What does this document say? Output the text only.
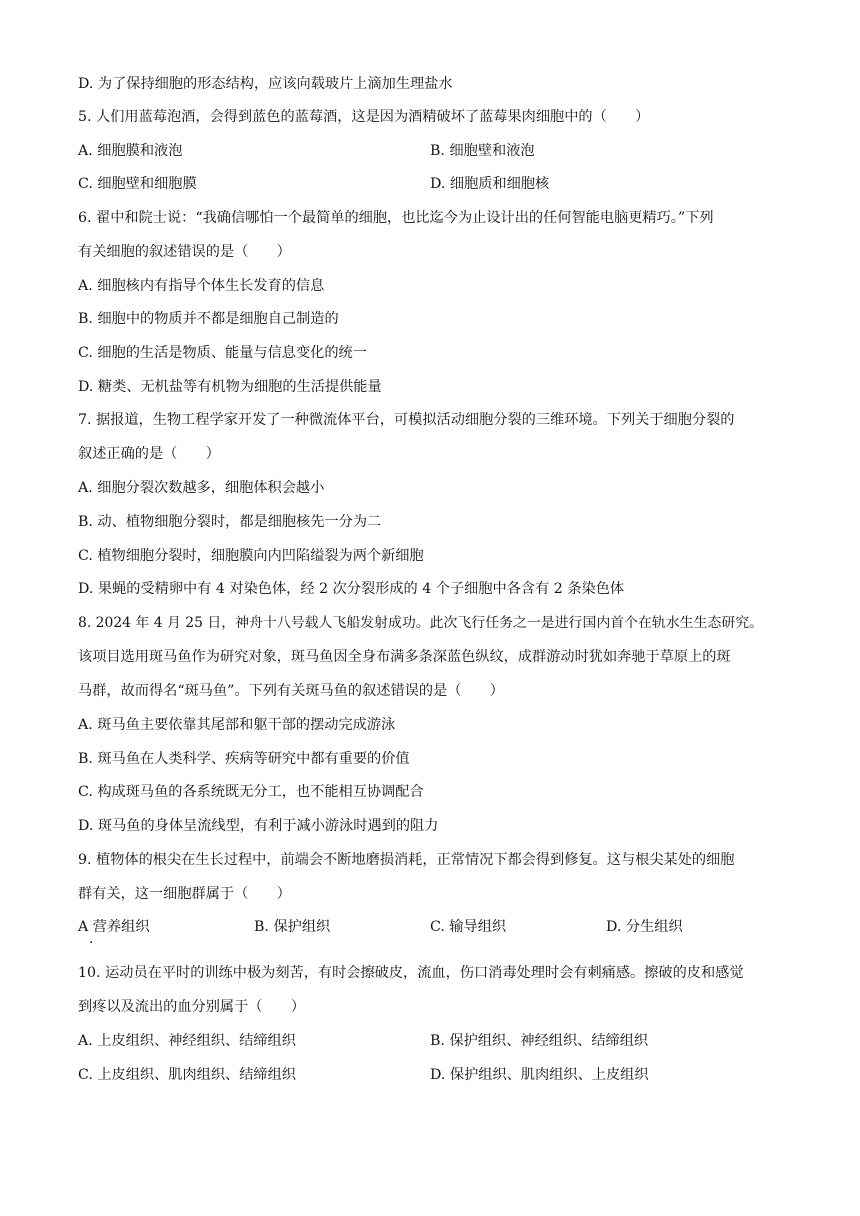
D. 为了保持细胞的形态结构，应该向载玻片上滴加生理盐水
5. 人们用蓝莓泡酒，会得到蓝色的蓝莓酒，这是因为酒精破坏了蓝莓果肉细胞中的（　　）
A. 细胞膜和液泡	B. 细胞壁和液泡
C. 细胞壁和细胞膜	D. 细胞质和细胞核
6. 翟中和院士说：“我确信哪怕一个最简单的细胞，也比迄今为止设计出的任何智能电脑更精巧。”下列
有关细胞的叙述错误的是（　　）
A. 细胞核内有指导个体生长发育的信息
B. 细胞中的物质并不都是细胞自己制造的
C. 细胞的生活是物质、能量与信息变化的统一
D. 糖类、无机盐等有机物为细胞的生活提供能量
7. 据报道，生物工程学家开发了一种微流体平台，可模拟活动细胞分裂的三维环境。下列关于细胞分裂的
叙述正确的是（　　）
A. 细胞分裂次数越多，细胞体积会越小
B. 动、植物细胞分裂时，都是细胞核先一分为二
C. 植物细胞分裂时，细胞膜向内凹陷缢裂为两个新细胞
D. 果蝇的受精卵中有 4 对染色体，经 2 次分裂形成的 4 个子细胞中各含有 2 条染色体
8. 2024 年 4 月 25 日，神舟十八号载人飞船发射成功。此次飞行任务之一是进行国内首个在轨水生生态研究。
该项目选用斑马鱼作为研究对象，斑马鱼因全身布满多条深蓝色纵纹，成群游动时犹如奔驰于草原上的斑
马群，故而得名“斑马鱼”。下列有关斑马鱼的叙述错误的是（　　）
A. 斑马鱼主要依靠其尾部和躯干部的摆动完成游泳
B. 斑马鱼在人类科学、疾病等研究中都有重要的价值
C. 构成斑马鱼的各系统既无分工，也不能相互协调配合
D. 斑马鱼的身体呈流线型，有利于减小游泳时遇到的阻力
9. 植物体的根尖在生长过程中，前端会不断地磨损消耗，正常情况下都会得到修复。这与根尖某处的细胞
群有关，这一细胞群属于（　　）
A 营养组织	B. 保护组织	C. 输导组织	D. 分生组织
.
10. 运动员在平时的训练中极为刻苦，有时会擦破皮，流血，伤口消毒处理时会有刺痛感。擦破的皮和感觉
到疼以及流出的血分别属于（　　）
A. 上皮组织、神经组织、结缔组织	B. 保护组织、神经组织、结缔组织
C. 上皮组织、肌肉组织、结缔组织	D. 保护组织、肌肉组织、上皮组织
